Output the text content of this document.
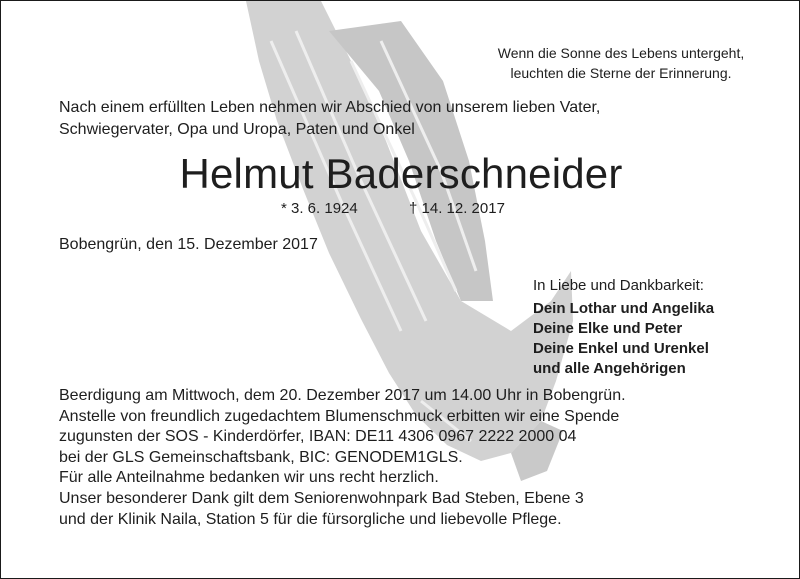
Wenn die Sonne des Lebens untergeht,
leuchten die Sterne der Erinnerung.
Nach einem erfüllten Leben nehmen wir Abschied von unserem lieben Vater,
Schwiegervater, Opa und Uropa, Paten und Onkel
Helmut Baderschneider
* 3. 6. 1924	† 14. 12. 2017
Bobengrün, den 15. Dezember 2017
In Liebe und Dankbarkeit:
Dein Lothar und Angelika
Deine Elke und Peter
Deine Enkel und Urenkel
und alle Angehörigen
Beerdigung am Mittwoch, dem 20. Dezember 2017 um 14.00 Uhr in Bobengrün.
Anstelle von freundlich zugedachtem Blumenschmuck erbitten wir eine Spende
zugunsten der SOS - Kinderdörfer, IBAN: DE11 4306 0967 2222 2000 04
bei der GLS Gemeinschaftsbank, BIC: GENODEM1GLS.
Für alle Anteilnahme bedanken wir uns recht herzlich.
Unser besonderer Dank gilt dem Seniorenwohnpark Bad Steben, Ebene 3
und der Klinik Naila, Station 5 für die fürsorgliche und liebevolle Pflege.
